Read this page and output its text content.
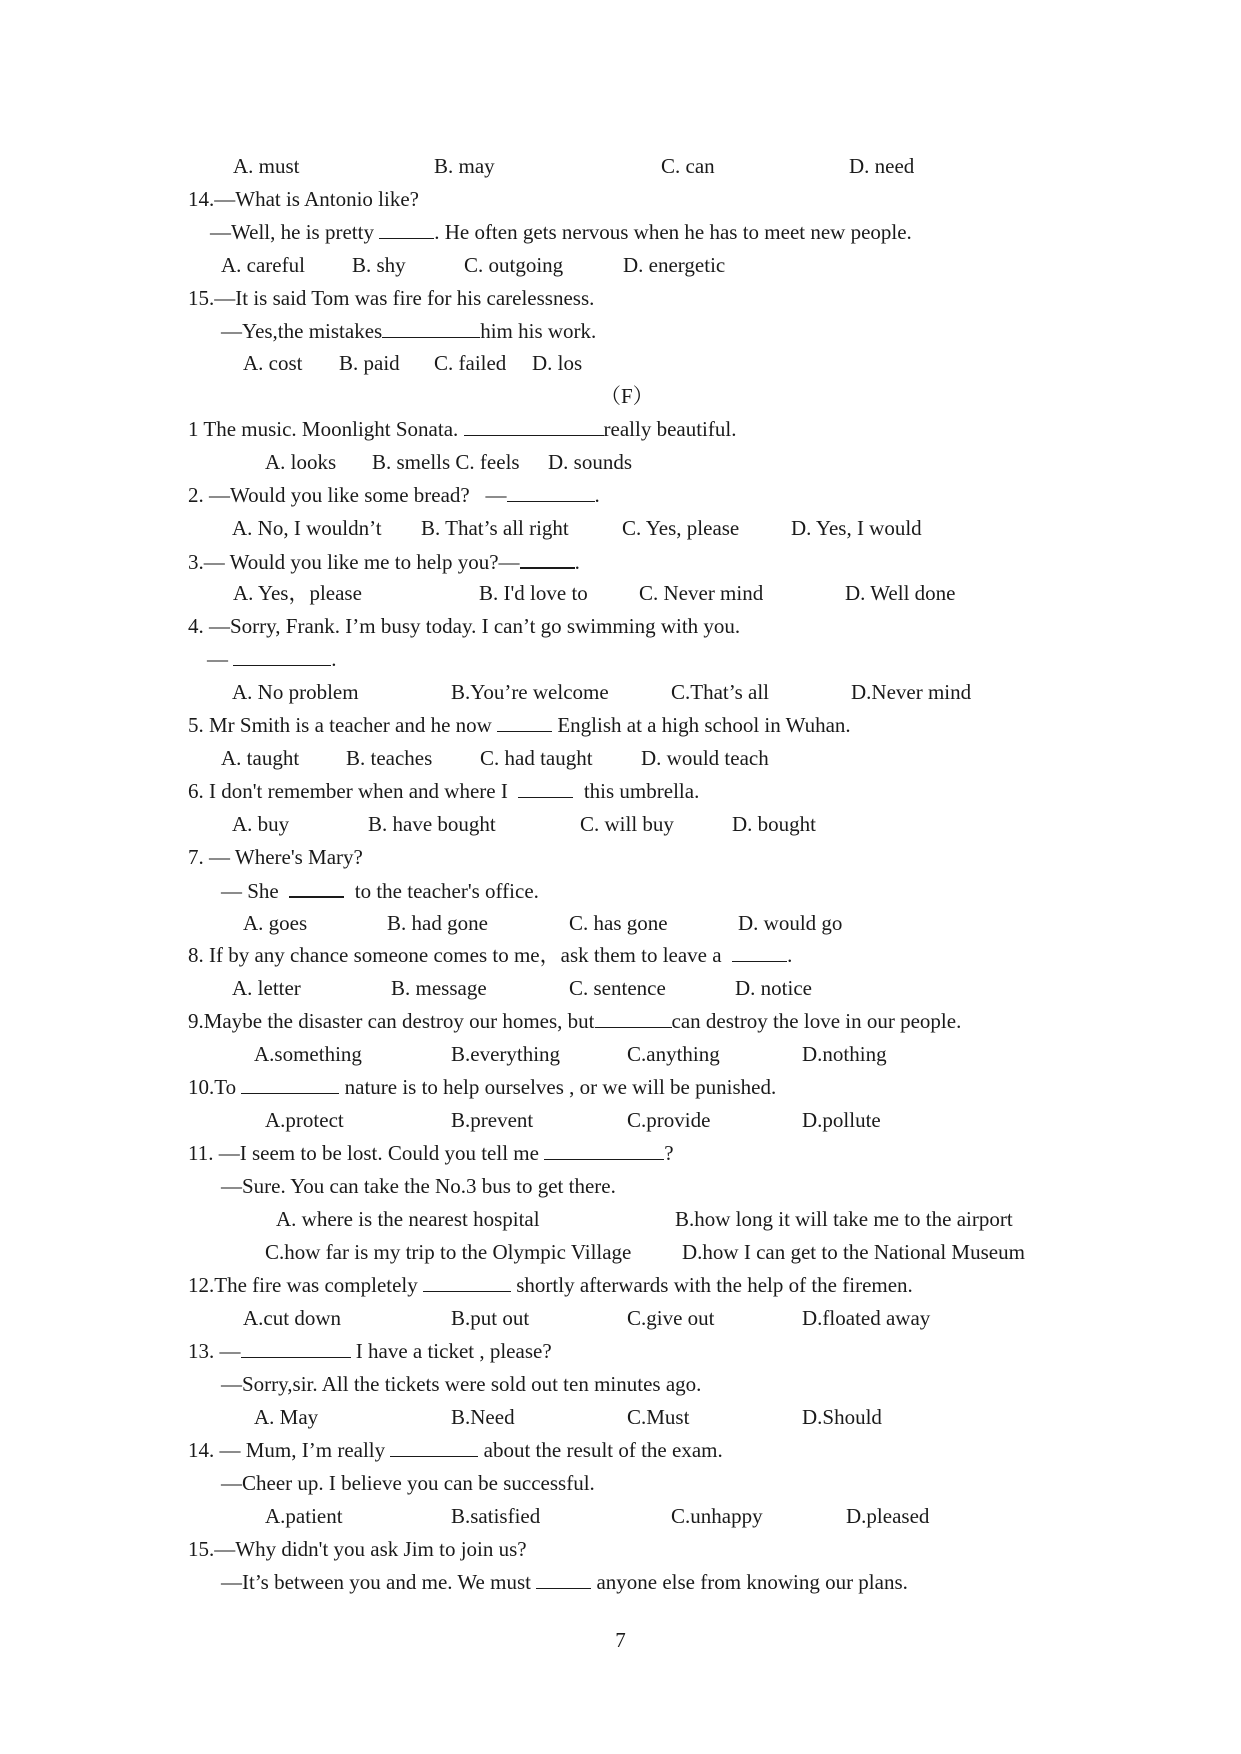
A. must	B. may	C. can	D. need
14.—What is Antonio like?
—Well, he is pretty	. He often gets nervous when he has to meet new people.
A. careful B. shy	C. outgoing	D. energetic
15.—It is said Tom was fire for his carelessness.
—Yes,the mistakes	him his work.
A. cost B. paid C. failed D. los
（F）
1 The music. Moonlight Sonata.	really beautiful.
A. looks B. smells C. feels D. sounds
2. —Would you like some bread?   —	.
A. No, I wouldn’t B. That’s all right	C. Yes, please D. Yes, I would
3.— Would you like me to help you?—	.
A. Yes，please	B. I'd love to C. Never mind	D. Well done
4. —Sorry, Frank. I’m busy today. I can’t go swimming with you.
—	.
A. No problem	B.You’re welcome	C.That’s all	D.Never mind
5. Mr Smith is a teacher and he now	English at a high school in Wuhan.
A. taught B. teaches C. had taught D. would teach
6. I don't remember when and where I	this umbrella.
A. buy	B. have bought	C. will buy	D. bought
7. — Where's Mary?
— She	to the teacher's office.
A. goes	B. had gone	C. has gone	D. would go
8. If by any chance someone comes to me，ask them to leave a	.
A. letter	B. message	C. sentence	D. notice
9.Maybe the disaster can destroy our homes, but	can destroy the love in our people.
A.something	B.everything	C.anything	D.nothing
10.To	nature is to help ourselves , or we will be punished.
A.protect	B.prevent	C.provide	D.pollute
11. —I seem to be lost. Could you tell me	?
—Sure. You can take the No.3 bus to get there.
A. where is the nearest hospital	B.how long it will take me to the airport
C.how far is my trip to the Olympic Village D.how I can get to the National Museum
12.The fire was completely	shortly afterwards with the help of the firemen.
A.cut down	B.put out	C.give out	D.floated away
13. —	I have a ticket , please?
—Sorry,sir. All the tickets were sold out ten minutes ago.
A. May	B.Need	C.Must	D.Should
14. — Mum, I’m really	about the result of the exam.
—Cheer up. I believe you can be successful.
A.patient	B.satisfied	C.unhappy	D.pleased
15.—Why didn't you ask Jim to join us?
—It’s between you and me. We must	anyone else from knowing our plans.
7
